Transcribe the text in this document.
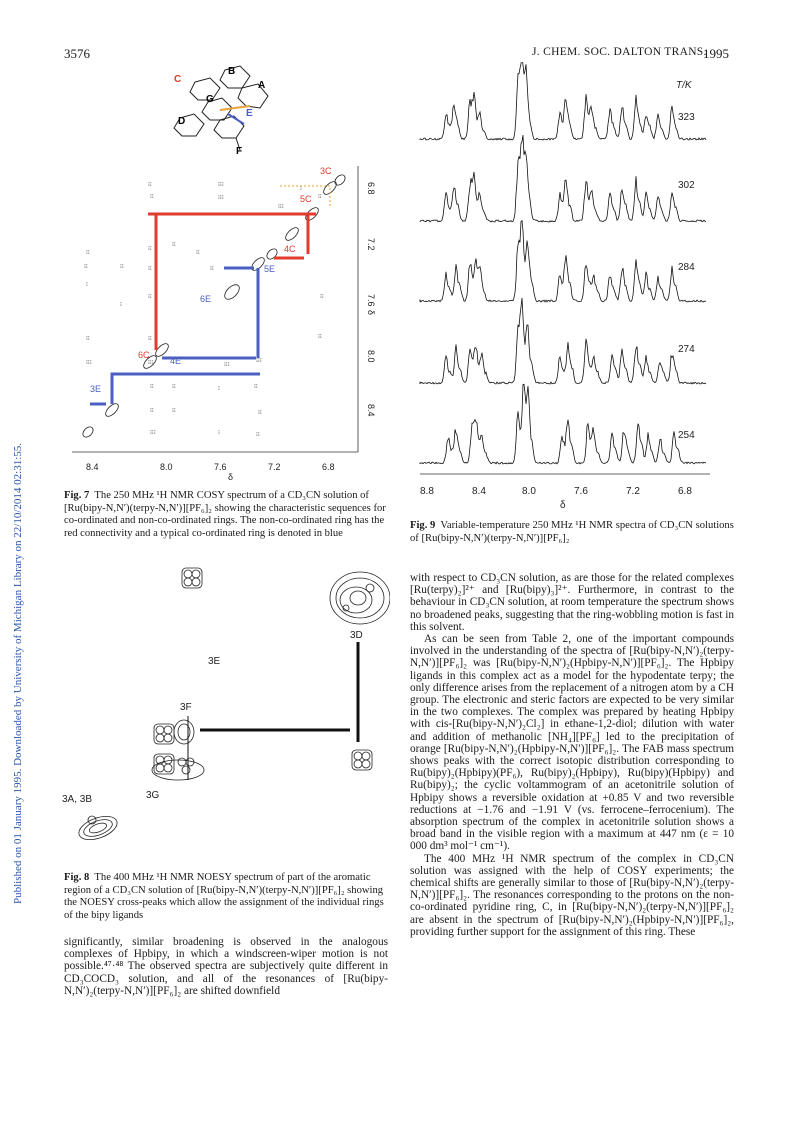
3576	J. CHEM. SOC. DALTON TRANS.
1995
Published on 01 January 1995. Downloaded by University of Michigan Library on 22/10/2014 02:31:55.
C
B
A
G
E
D
F
⁝⁝	⁝⁝⁝
⁝⁝	⁝⁝⁝
⁝⁝
⁝⁝
⁝⁝
⁝⁝
⁝⁝	⁝⁝	⁝⁝	⁝⁝
⁝
⁝
⁝⁝	⁝⁝
⁝⁝	⁝⁝	⁝⁝	⁝⁝
⁝⁝⁝	⁝⁝⁝	⁝⁝⁝
⁝⁝⁝
⁝⁝	⁝⁝	⁝	⁝⁝
⁝⁝	⁝⁝	⁝⁝
⁝⁝⁝	⁝	⁝⁝
⁝
⁝⁝
⁝⁝⁝
3C
4C
5C
6C
3E
4E
5E
6E
8.4	8.0	7.6	7.2	6.8
δ
6.8
7.2
7.6
8.0
8.4
δ
Fig. 7 The 250 MHz ¹H NMR COSY spectrum of a CD₃CN solution of [Ru(bipy-N,N′)(terpy-N,N′)][PF₆]₂ showing the characteristic sequences for co-ordinated and non-co-ordinated rings. The non-co-ordinated ring has the red connectivity and a typical co-ordinated ring is denoted in blue
3D
3E
3F
3G
3A, 3B
Fig. 8 The 400 MHz ¹H NMR NOESY spectrum of part of the aromatic region of a CD₃CN solution of [Ru(bipy-N,N′)(terpy-N,N′)][PF₆]₂ showing the NOESY cross-peaks which allow the assignment of the individual rings of the bipy ligands

significantly, similar broadening is observed in the analogous complexes of Hpbipy, in which a windscreen-wiper motion is not possible.⁴⁷·⁴⁸ The observed spectra are subjectively quite different in CD₃COCD₃ solution, and all of the resonances of [Ru(bipy-N,N′)₂(terpy-N,N′)][PF₆]₂ are shifted downfield

T/K
323
302
284
274
254
8.8	8.4	8.0	7.6	7.2	6.8
δ
Fig. 9 Variable-temperature 250 MHz ¹H NMR spectra of CD₃CN solutions of [Ru(bipy-N,N′)(terpy-N,N′)][PF₆]₂

with respect to CD₃CN solution, as are those for the related complexes [Ru(terpy)₂]²⁺ and [Ru(bipy)₃]²⁺. Furthermore, in contrast to the behaviour in CD₃CN solution, at room temperature the spectrum shows no broadened peaks, suggesting that the ring-wobbling motion is fast in this solvent.

As can be seen from Table 2, one of the important compounds involved in the understanding of the spectra of [Ru(bipy-N,N′)₂(terpy-N,N′)][PF₆]₂ was [Ru(bipy-N,N′)₂(Hpbipy-N,N′)][PF₆]₂. The Hpbipy ligands in this complex act as a model for the hypodentate terpy; the only difference arises from the replacement of a nitrogen atom by a CH group. The electronic and steric factors are expected to be very similar in the two complexes. The complex was prepared by heating Hpbipy with cis-[Ru(bipy-N,N′)₂Cl₂] in ethane-1,2-diol; dilution with water and addition of methanolic [NH₄][PF₆] led to the precipitation of orange [Ru(bipy-N,N′)₂(Hpbipy-N,N′)][PF₆]₂. The FAB mass spectrum shows peaks with the correct isotopic distribution corresponding to Ru(bipy)₂(Hpbipy)(PF₆), Ru(bipy)₂(Hpbipy), Ru(bipy)(Hpbipy) and Ru(bipy)₂; the cyclic voltammogram of an acetonitrile solution of Hpbipy shows a reversible oxidation at +0.85 V and two reversible reductions at −1.76 and −1.91 V (vs. ferrocene–ferrocenium). The absorption spectrum of the complex in acetonitrile solution shows a broad band in the visible region with a maximum at 447 nm (ε = 10 000 dm³ mol⁻¹ cm⁻¹).

The 400 MHz ¹H NMR spectrum of the complex in CD₃CN solution was assigned with the help of COSY experiments; the chemical shifts are generally similar to those of [Ru(bipy-N,N′)₂(terpy-N,N′)][PF₆]₂. The resonances corresponding to the protons on the non-co-ordinated pyridine ring, C, in [Ru(bipy-N,N′)₂(terpy-N,N′)][PF₆]₂ are absent in the spectrum of [Ru(bipy-N,N′)₂(Hpbipy-N,N′)][PF₆]₂, providing further support for the assignment of this ring. These
